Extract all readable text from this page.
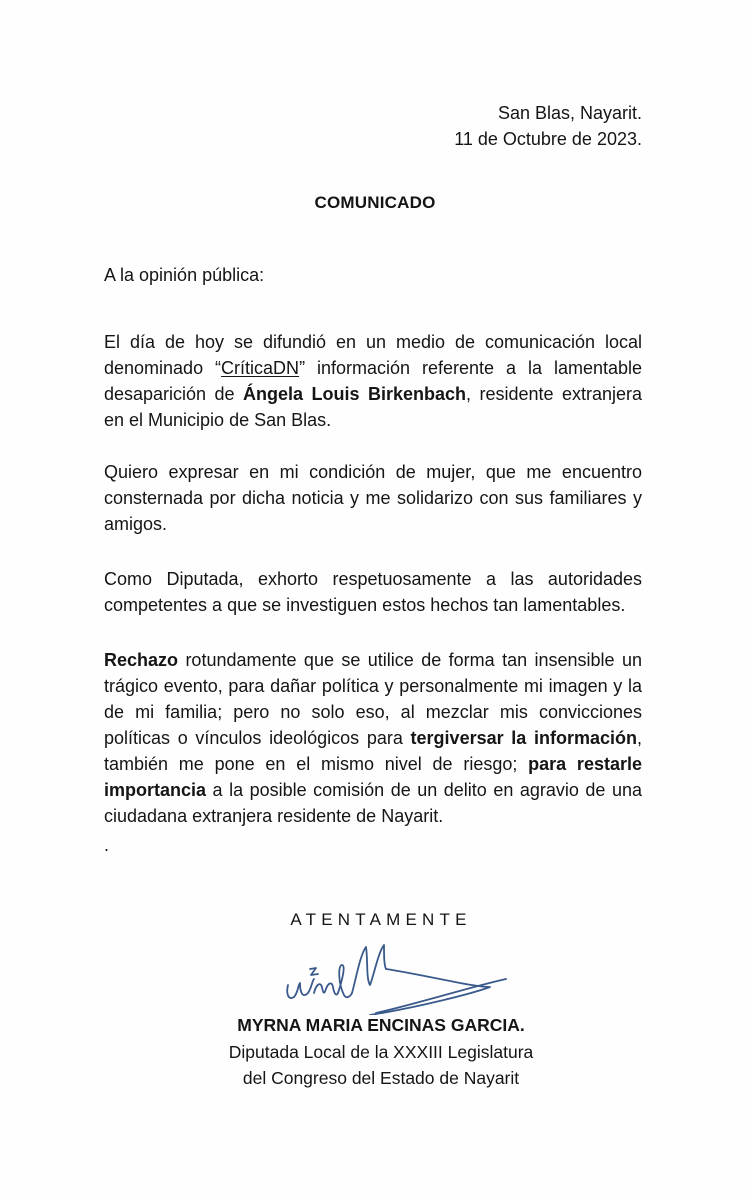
San Blas, Nayarit.
11 de Octubre de 2023.
COMUNICADO
A la opinión pública:
El día de hoy se difundió en un medio de comunicación local denominado “CríticaDN” información referente a la lamentable desaparición de Ángela Louis Birkenbach, residente extranjera en el Municipio de San Blas.
Quiero expresar en mi condición de mujer, que me encuentro consternada por dicha noticia y me solidarizo con sus familiares y amigos.
Como Diputada, exhorto respetuosamente a las autoridades competentes a que se investiguen estos hechos tan lamentables.
Rechazo rotundamente que se utilice de forma tan insensible un trágico evento, para dañar política y personalmente mi imagen y la de mi familia; pero no solo eso, al mezclar mis convicciones políticas o vínculos ideológicos para tergiversar la información, también me pone en el mismo nivel de riesgo; para restarle importancia a la posible comisión de un delito en agravio de una ciudadana extranjera residente de Nayarit.
.
ATENTAMENTE
MYRNA MARIA ENCINAS GARCIA.
Diputada Local de la XXXIII Legislatura
del Congreso del Estado de Nayarit
